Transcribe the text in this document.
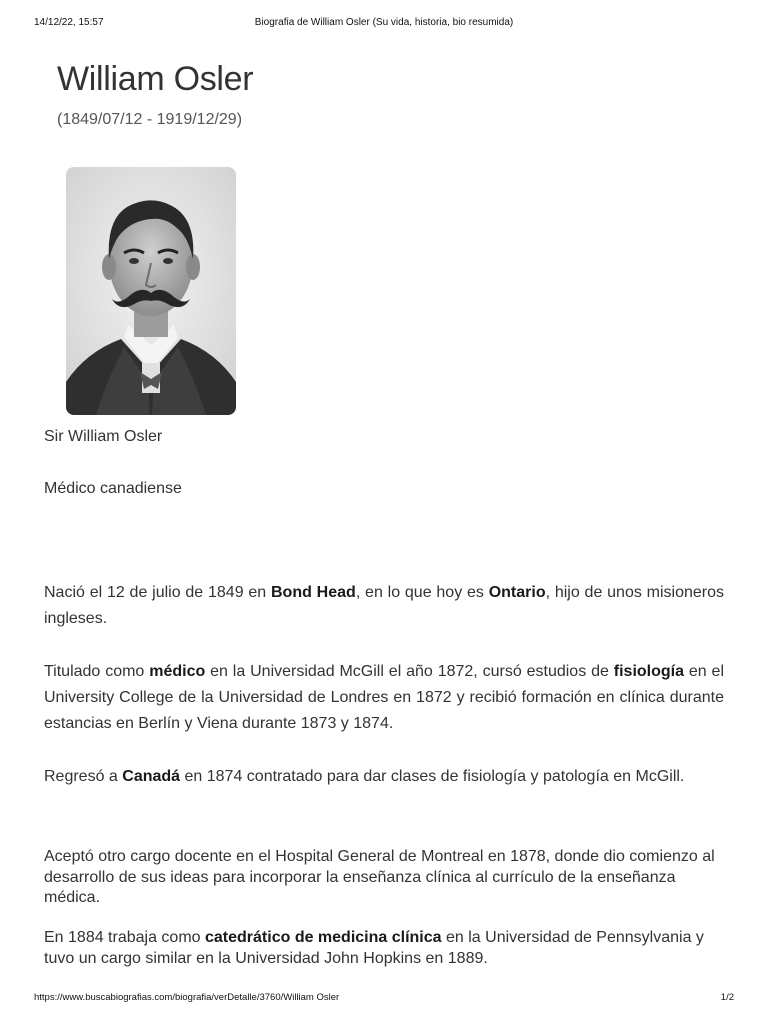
14/12/22, 15:57	Biografia de William Osler (Su vida, historia, bio resumida)
William Osler
(1849/07/12 - 1919/12/29)

Sir William Osler

Médico canadiense

Nació el 12 de julio de 1849 en Bond Head, en lo que hoy es Ontario, hijo de unos misioneros ingleses.

Titulado como médico en la Universidad McGill el año 1872, cursó estudios de fisiología en el University College de la Universidad de Londres en 1872 y recibió formación en clínica durante estancias en Berlín y Viena durante 1873 y 1874.

Regresó a Canadá en 1874 contratado para dar clases de fisiología y patología en McGill.

Aceptó otro cargo docente en el Hospital General de Montreal en 1878, donde dio comienzo al desarrollo de sus ideas para incorporar la enseñanza clínica al currículo de la enseñanza médica.

En 1884 trabaja como catedrático de medicina clínica en la Universidad de Pennsylvania y tuvo un cargo similar en la Universidad John Hopkins en 1889.

https://www.buscabiografias.com/biografia/verDetalle/3760/William Osler	1/2
